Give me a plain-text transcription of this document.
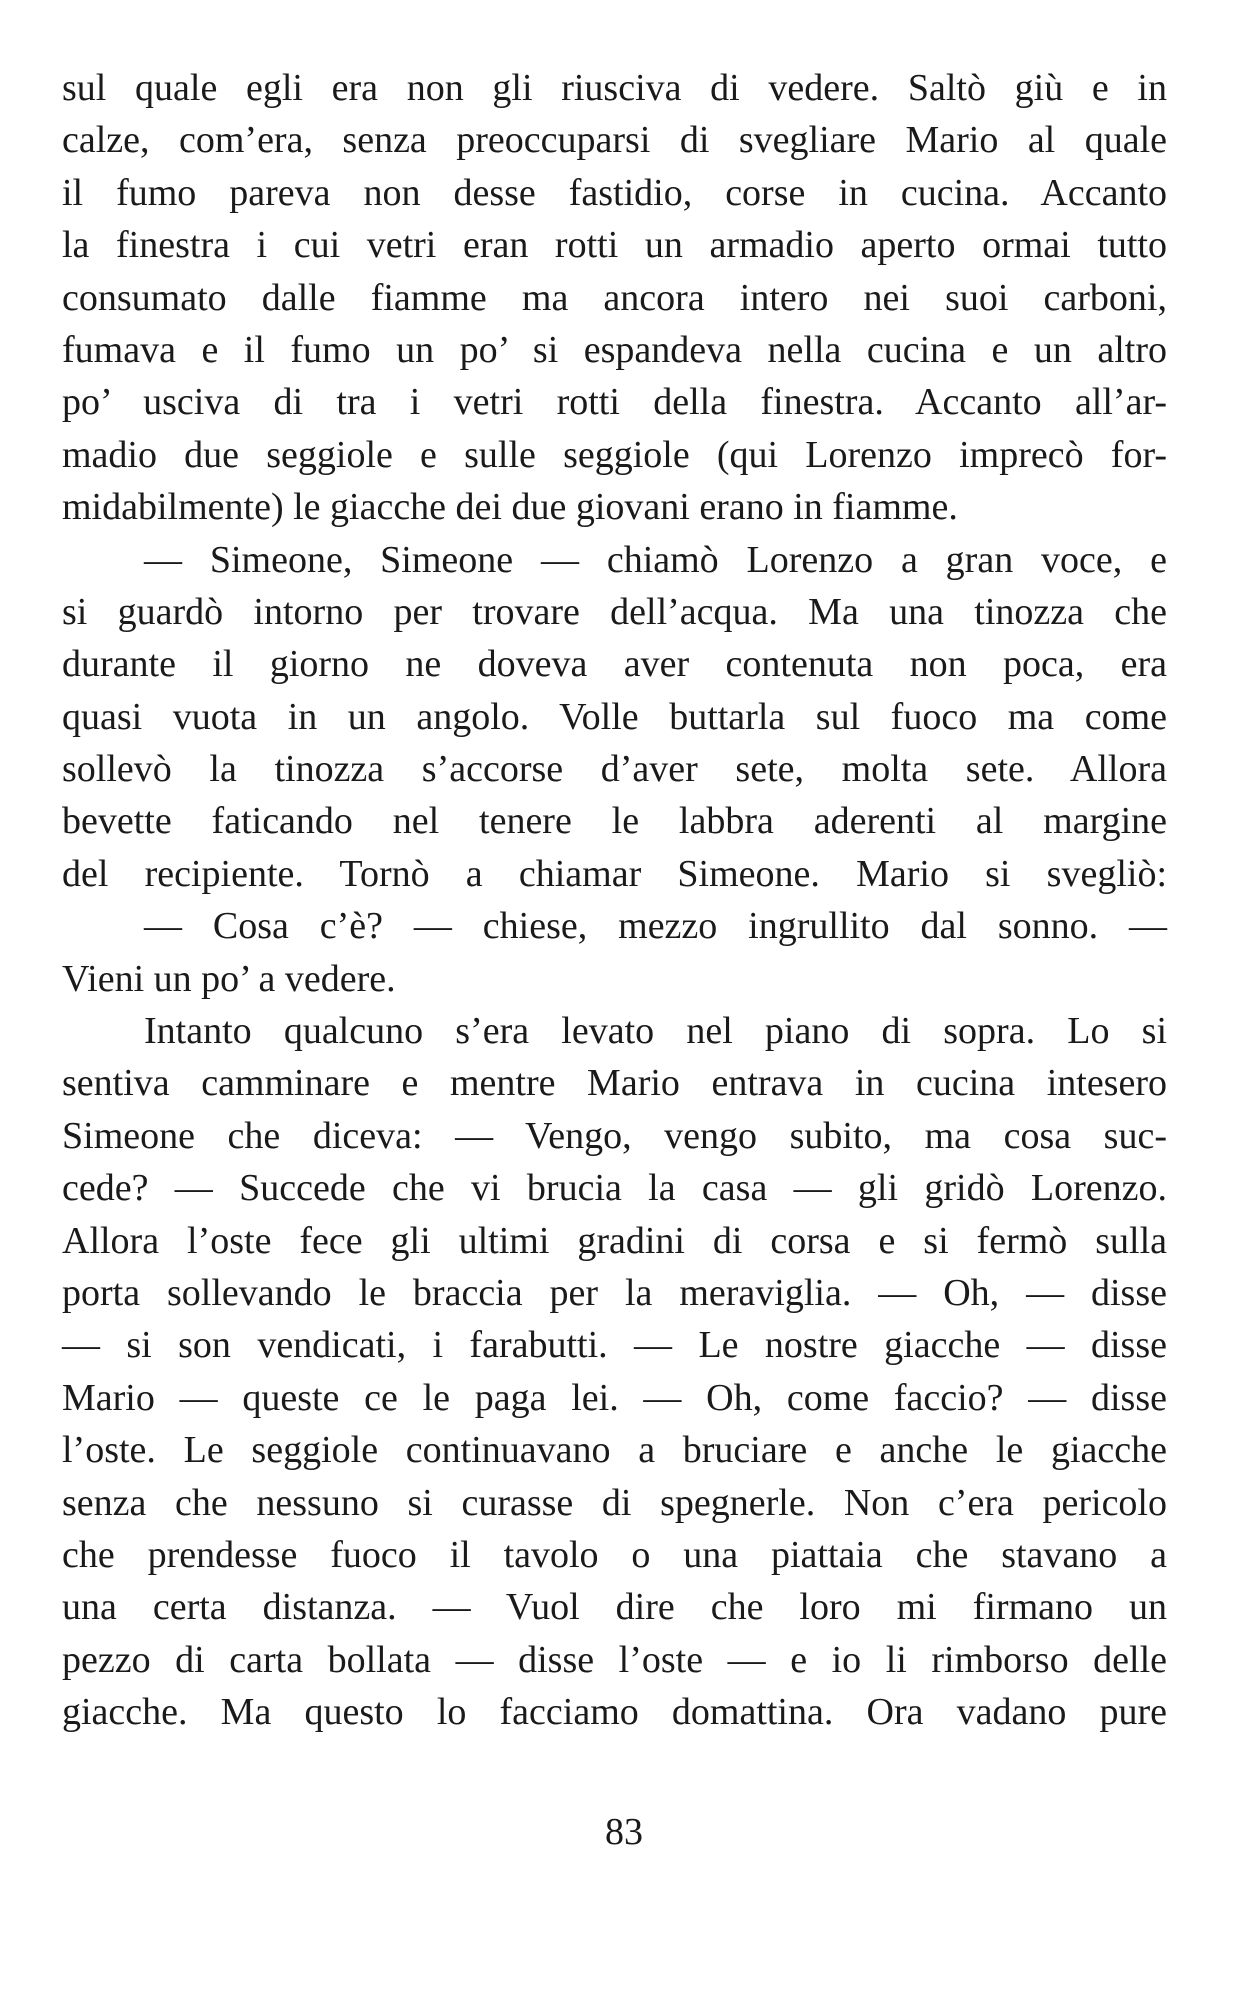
sul quale egli era non gli riusciva di vedere. Saltò giù e in
calze, com’era, senza preoccuparsi di svegliare Mario al quale
il fumo pareva non desse fastidio, corse in cucina. Accanto
la finestra i cui vetri eran rotti un armadio aperto ormai tutto
consumato dalle fiamme ma ancora intero nei suoi carboni,
fumava e il fumo un po’ si espandeva nella cucina e un altro
po’ usciva di tra i vetri rotti della finestra. Accanto all’ar-
madio due seggiole e sulle seggiole (qui Lorenzo imprecò for-
midabilmente) le giacche dei due giovani erano in fiamme.
— Simeone, Simeone — chiamò Lorenzo a gran voce, e
si guardò intorno per trovare dell’acqua. Ma una tinozza che
durante il giorno ne doveva aver contenuta non poca, era
quasi vuota in un angolo. Volle buttarla sul fuoco ma come
sollevò la tinozza s’accorse d’aver sete, molta sete. Allora
bevette faticando nel tenere le labbra aderenti al margine
del recipiente. Tornò a chiamar Simeone. Mario si svegliò:
— Cosa c’è? — chiese, mezzo ingrullito dal sonno. —
Vieni un po’ a vedere.
Intanto qualcuno s’era levato nel piano di sopra. Lo si
sentiva camminare e mentre Mario entrava in cucina intesero
Simeone che diceva: — Vengo, vengo subito, ma cosa suc-
cede? — Succede che vi brucia la casa — gli gridò Lorenzo.
Allora l’oste fece gli ultimi gradini di corsa e si fermò sulla
porta sollevando le braccia per la meraviglia. — Oh, — disse
— si son vendicati, i farabutti. — Le nostre giacche — disse
Mario — queste ce le paga lei. — Oh, come faccio? — disse
l’oste. Le seggiole continuavano a bruciare e anche le giacche
senza che nessuno si curasse di spegnerle. Non c’era pericolo
che prendesse fuoco il tavolo o una piattaia che stavano a
una certa distanza. — Vuol dire che loro mi firmano un
pezzo di carta bollata — disse l’oste — e io li rimborso delle
giacche. Ma questo lo facciamo domattina. Ora vadano pure
83
